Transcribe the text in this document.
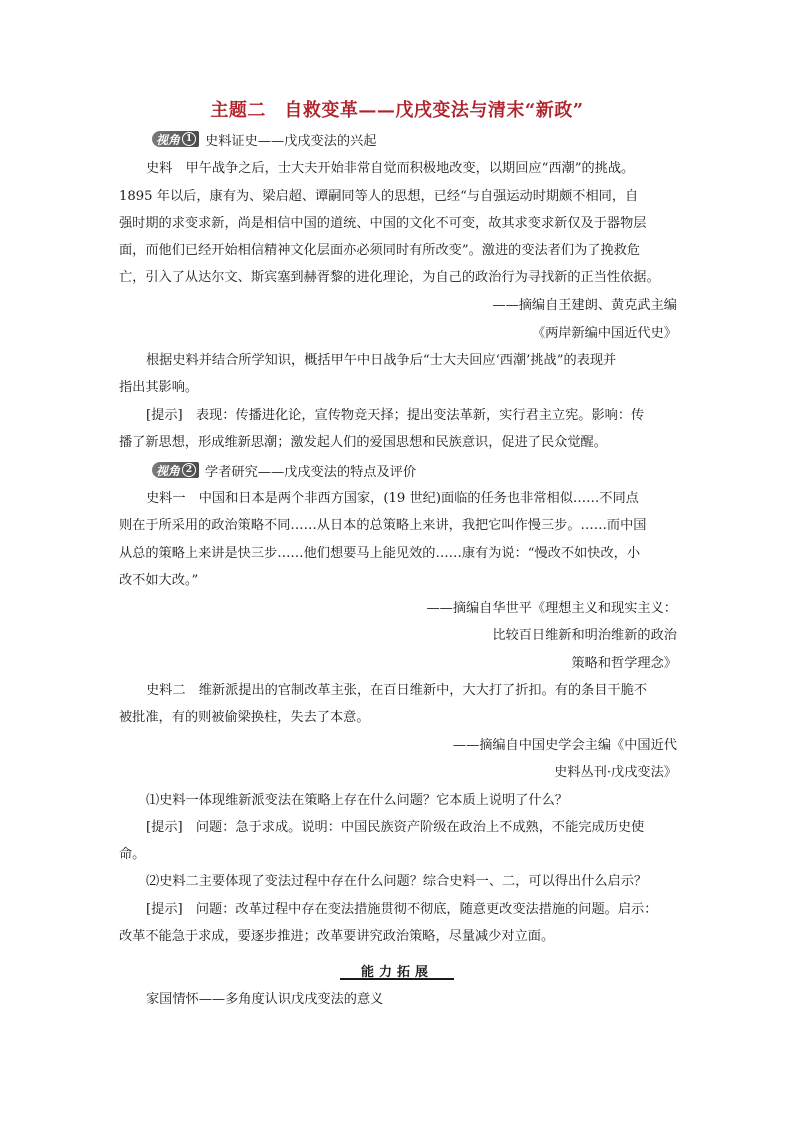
主题二　自救变革——戊戌变法与清末“新政”
视角 1 史料证史——戊戌变法的兴起
史料　甲午战争之后，士大夫开始非常自觉而积极地改变，以期回应“西潮”的挑战。
1895 年以后，康有为、梁启超、谭嗣同等人的思想，已经“与自强运动时期颇不相同，自
强时期的求变求新，尚是相信中国的道统、中国的文化不可变，故其求变求新仅及于器物层
面，而他们已经开始相信精神文化层面亦必须同时有所改变”。激进的变法者们为了挽救危
亡，引入了从达尔文、斯宾塞到赫胥黎的进化理论，为自己的政治行为寻找新的正当性依据。
——摘编自王建朗、黄克武主编
《两岸新编中国近代史》
根据史料并结合所学知识，概括甲午中日战争后“士大夫回应‘西潮’挑战”的表现并
指出其影响。
[提示]　表现：传播进化论，宣传物竞天择；提出变法革新，实行君主立宪。影响：传
播了新思想，形成维新思潮；激发起人们的爱国思想和民族意识，促进了民众觉醒。
视角 2 学者研究——戊戌变法的特点及评价
史料一　中国和日本是两个非西方国家，(19 世纪)面临的任务也非常相似……不同点
则在于所采用的政治策略不同……从日本的总策略上来讲，我把它叫作慢三步。……而中国
从总的策略上来讲是快三步……他们想要马上能见效的……康有为说：“慢改不如快改，小
改不如大改。”
——摘编自华世平《理想主义和现实主义：
比较百日维新和明治维新的政治
策略和哲学理念》
史料二　维新派提出的官制改革主张，在百日维新中，大大打了折扣。有的条目干脆不
被批准，有的则被偷梁换柱，失去了本意。
——摘编自中国史学会主编《中国近代
史料丛刊·戊戌变法》
⑴史料一体现维新派变法在策略上存在什么问题？它本质上说明了什么？
[提示]　问题：急于求成。说明：中国民族资产阶级在政治上不成熟，不能完成历史使
命。
⑵史料二主要体现了变法过程中存在什么问题？综合史料一、二，可以得出什么启示？
[提示]　问题：改革过程中存在变法措施贯彻不彻底，随意更改变法措施的问题。启示：
改革不能急于求成，要逐步推进；改革要讲究政治策略，尽量减少对立面。
能力拓展
家国情怀——多角度认识戊戌变法的意义
